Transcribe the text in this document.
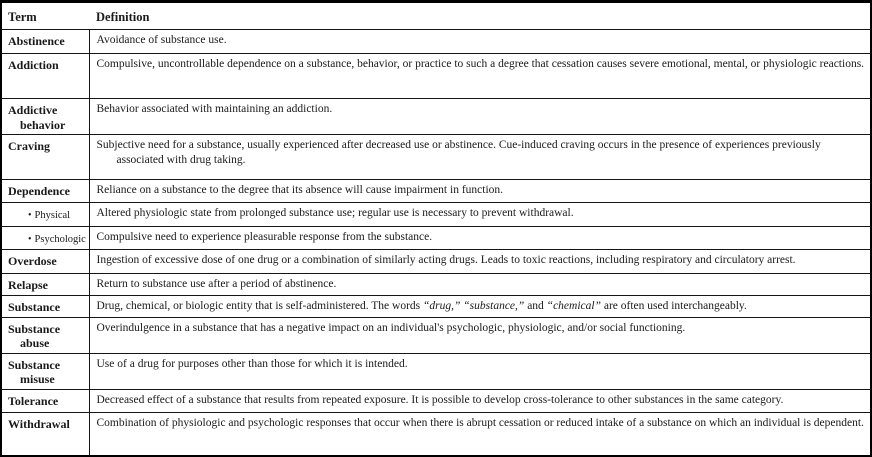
Term	Definition

Abstinence	Avoidance of substance use.

Addiction	Compulsive, uncontrollable dependence on a substance, behavior, or practice to such a degree that cessation causes severe emotional, mental, or physiologic reactions.

Addictive behavior	Behavior associated with maintaining an addiction.

Craving	Subjective need for a substance, usually experienced after decreased use or abstinence. Cue-induced craving occurs in the presence of experiences previously associated with drug taking.

Dependence	Reliance on a substance to the degree that its absence will cause impairment in function.

• Physical	Altered physiologic state from prolonged substance use; regular use is necessary to prevent withdrawal.

• Psychologic	Compulsive need to experience pleasurable response from the substance.

Overdose	Ingestion of excessive dose of one drug or a combination of similarly acting drugs. Leads to toxic reactions, including respiratory and circulatory arrest.

Relapse	Return to substance use after a period of abstinence.

Substance	Drug, chemical, or biologic entity that is self-administered. The words “drug,” “substance,” and “chemical” are often used interchangeably.

Substance abuse	Overindulgence in a substance that has a negative impact on an individual's psychologic, physiologic, and/or social functioning.

Substance misuse	Use of a drug for purposes other than those for which it is intended.

Tolerance	Decreased effect of a substance that results from repeated exposure. It is possible to develop cross-tolerance to other substances in the same category.

Withdrawal	Combination of physiologic and psychologic responses that occur when there is abrupt cessation or reduced intake of a substance on which an individual is dependent.
